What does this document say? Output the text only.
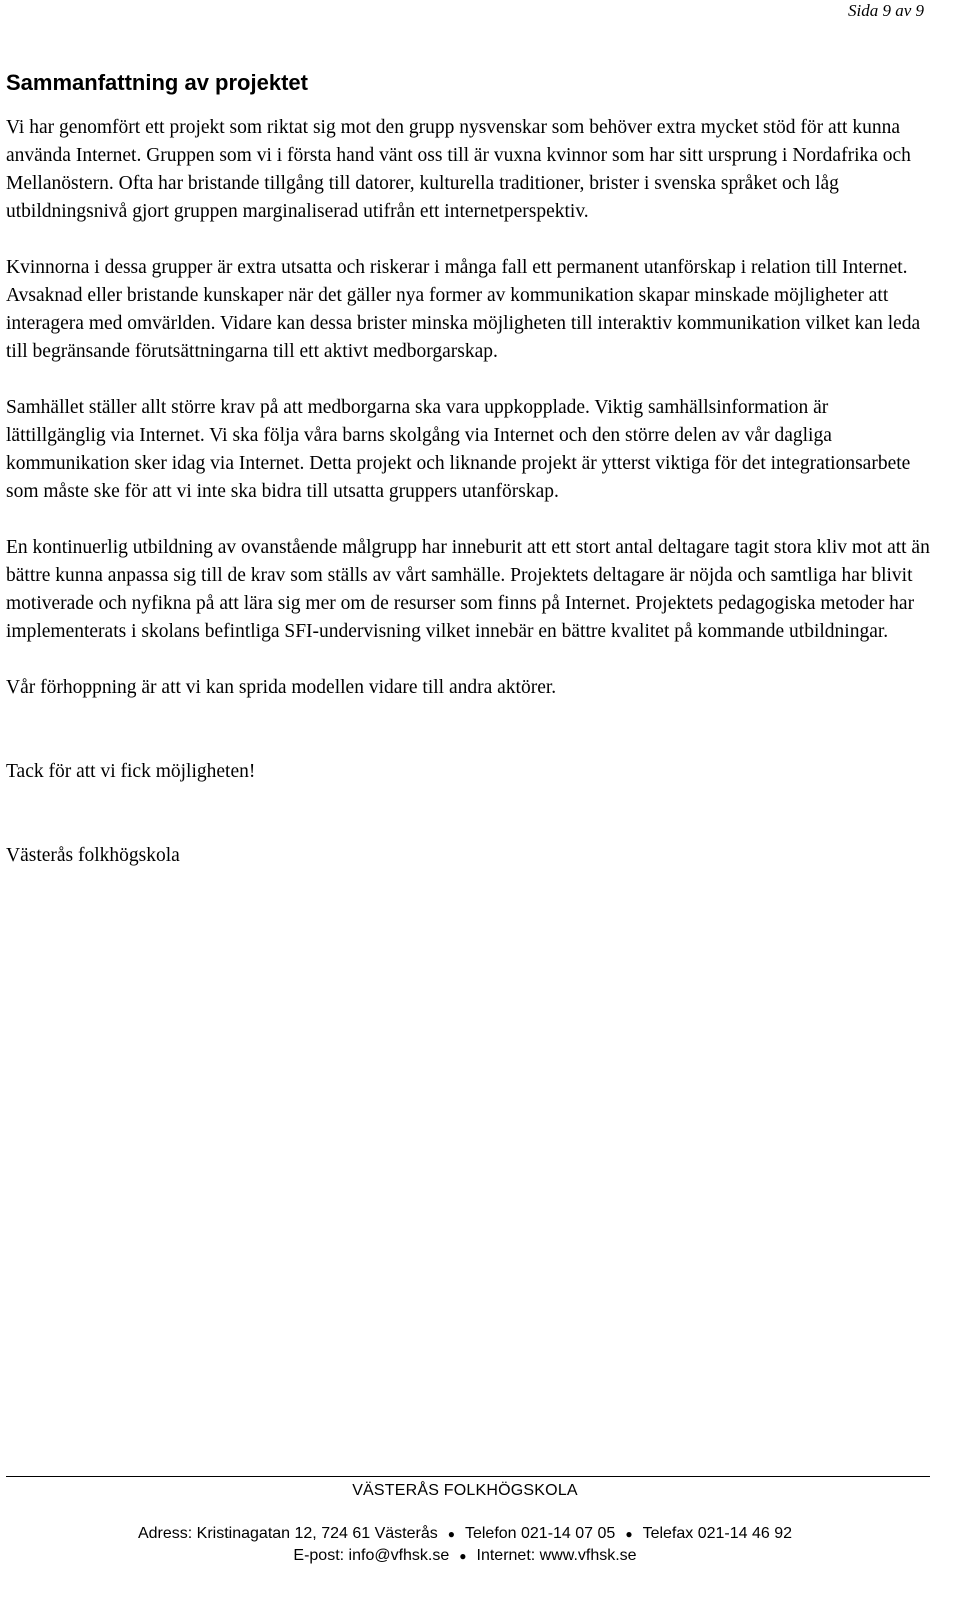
Sida 9 av 9
Sammanfattning av projektet

Vi har genomfört ett projekt som riktat sig mot den grupp nysvenskar som behöver extra mycket stöd för att kunna använda Internet. Gruppen som vi i första hand vänt oss till är vuxna kvinnor som har sitt ursprung i Nordafrika och Mellanöstern. Ofta har bristande tillgång till datorer, kulturella traditioner, brister i svenska språket och låg utbildningsnivå gjort gruppen marginaliserad utifrån ett internetperspektiv.

Kvinnorna i dessa grupper är extra utsatta och riskerar i många fall ett permanent utanförskap i relation till Internet. Avsaknad eller bristande kunskaper när det gäller nya former av kommunikation skapar minskade möjligheter att interagera med omvärlden. Vidare kan dessa brister minska möjligheten till interaktiv kommunikation vilket kan leda till begränsande förutsättningarna till ett aktivt medborgarskap.

Samhället ställer allt större krav på att medborgarna ska vara uppkopplade. Viktig samhällsinformation är lättillgänglig via Internet. Vi ska följa våra barns skolgång via Internet och den större delen av vår dagliga kommunikation sker idag via Internet. Detta projekt och liknande projekt är ytterst viktiga för det integrationsarbete som måste ske för att vi inte ska bidra till utsatta gruppers utanförskap.

En kontinuerlig utbildning av ovanstående målgrupp har inneburit att ett stort antal deltagare tagit stora kliv mot att än bättre kunna anpassa sig till de krav som ställs av vårt samhälle. Projektets deltagare är nöjda och samtliga har blivit motiverade och nyfikna på att lära sig mer om de resurser som finns på Internet. Projektets pedagogiska metoder har implementerats i skolans befintliga SFI-undervisning vilket innebär en bättre kvalitet på kommande utbildningar.

Vår förhoppning är att vi kan sprida modellen vidare till andra aktörer.

Tack för att vi fick möjligheten!

Västerås folkhögskola

VÄSTERÅS FOLKHÖGSKOLA
Adress: Kristinagatan 12, 724 61 Västerås ● Telefon 021-14 07 05 ● Telefax 021-14 46 92
E-post: info@vfhsk.se ● Internet: www.vfhsk.se
